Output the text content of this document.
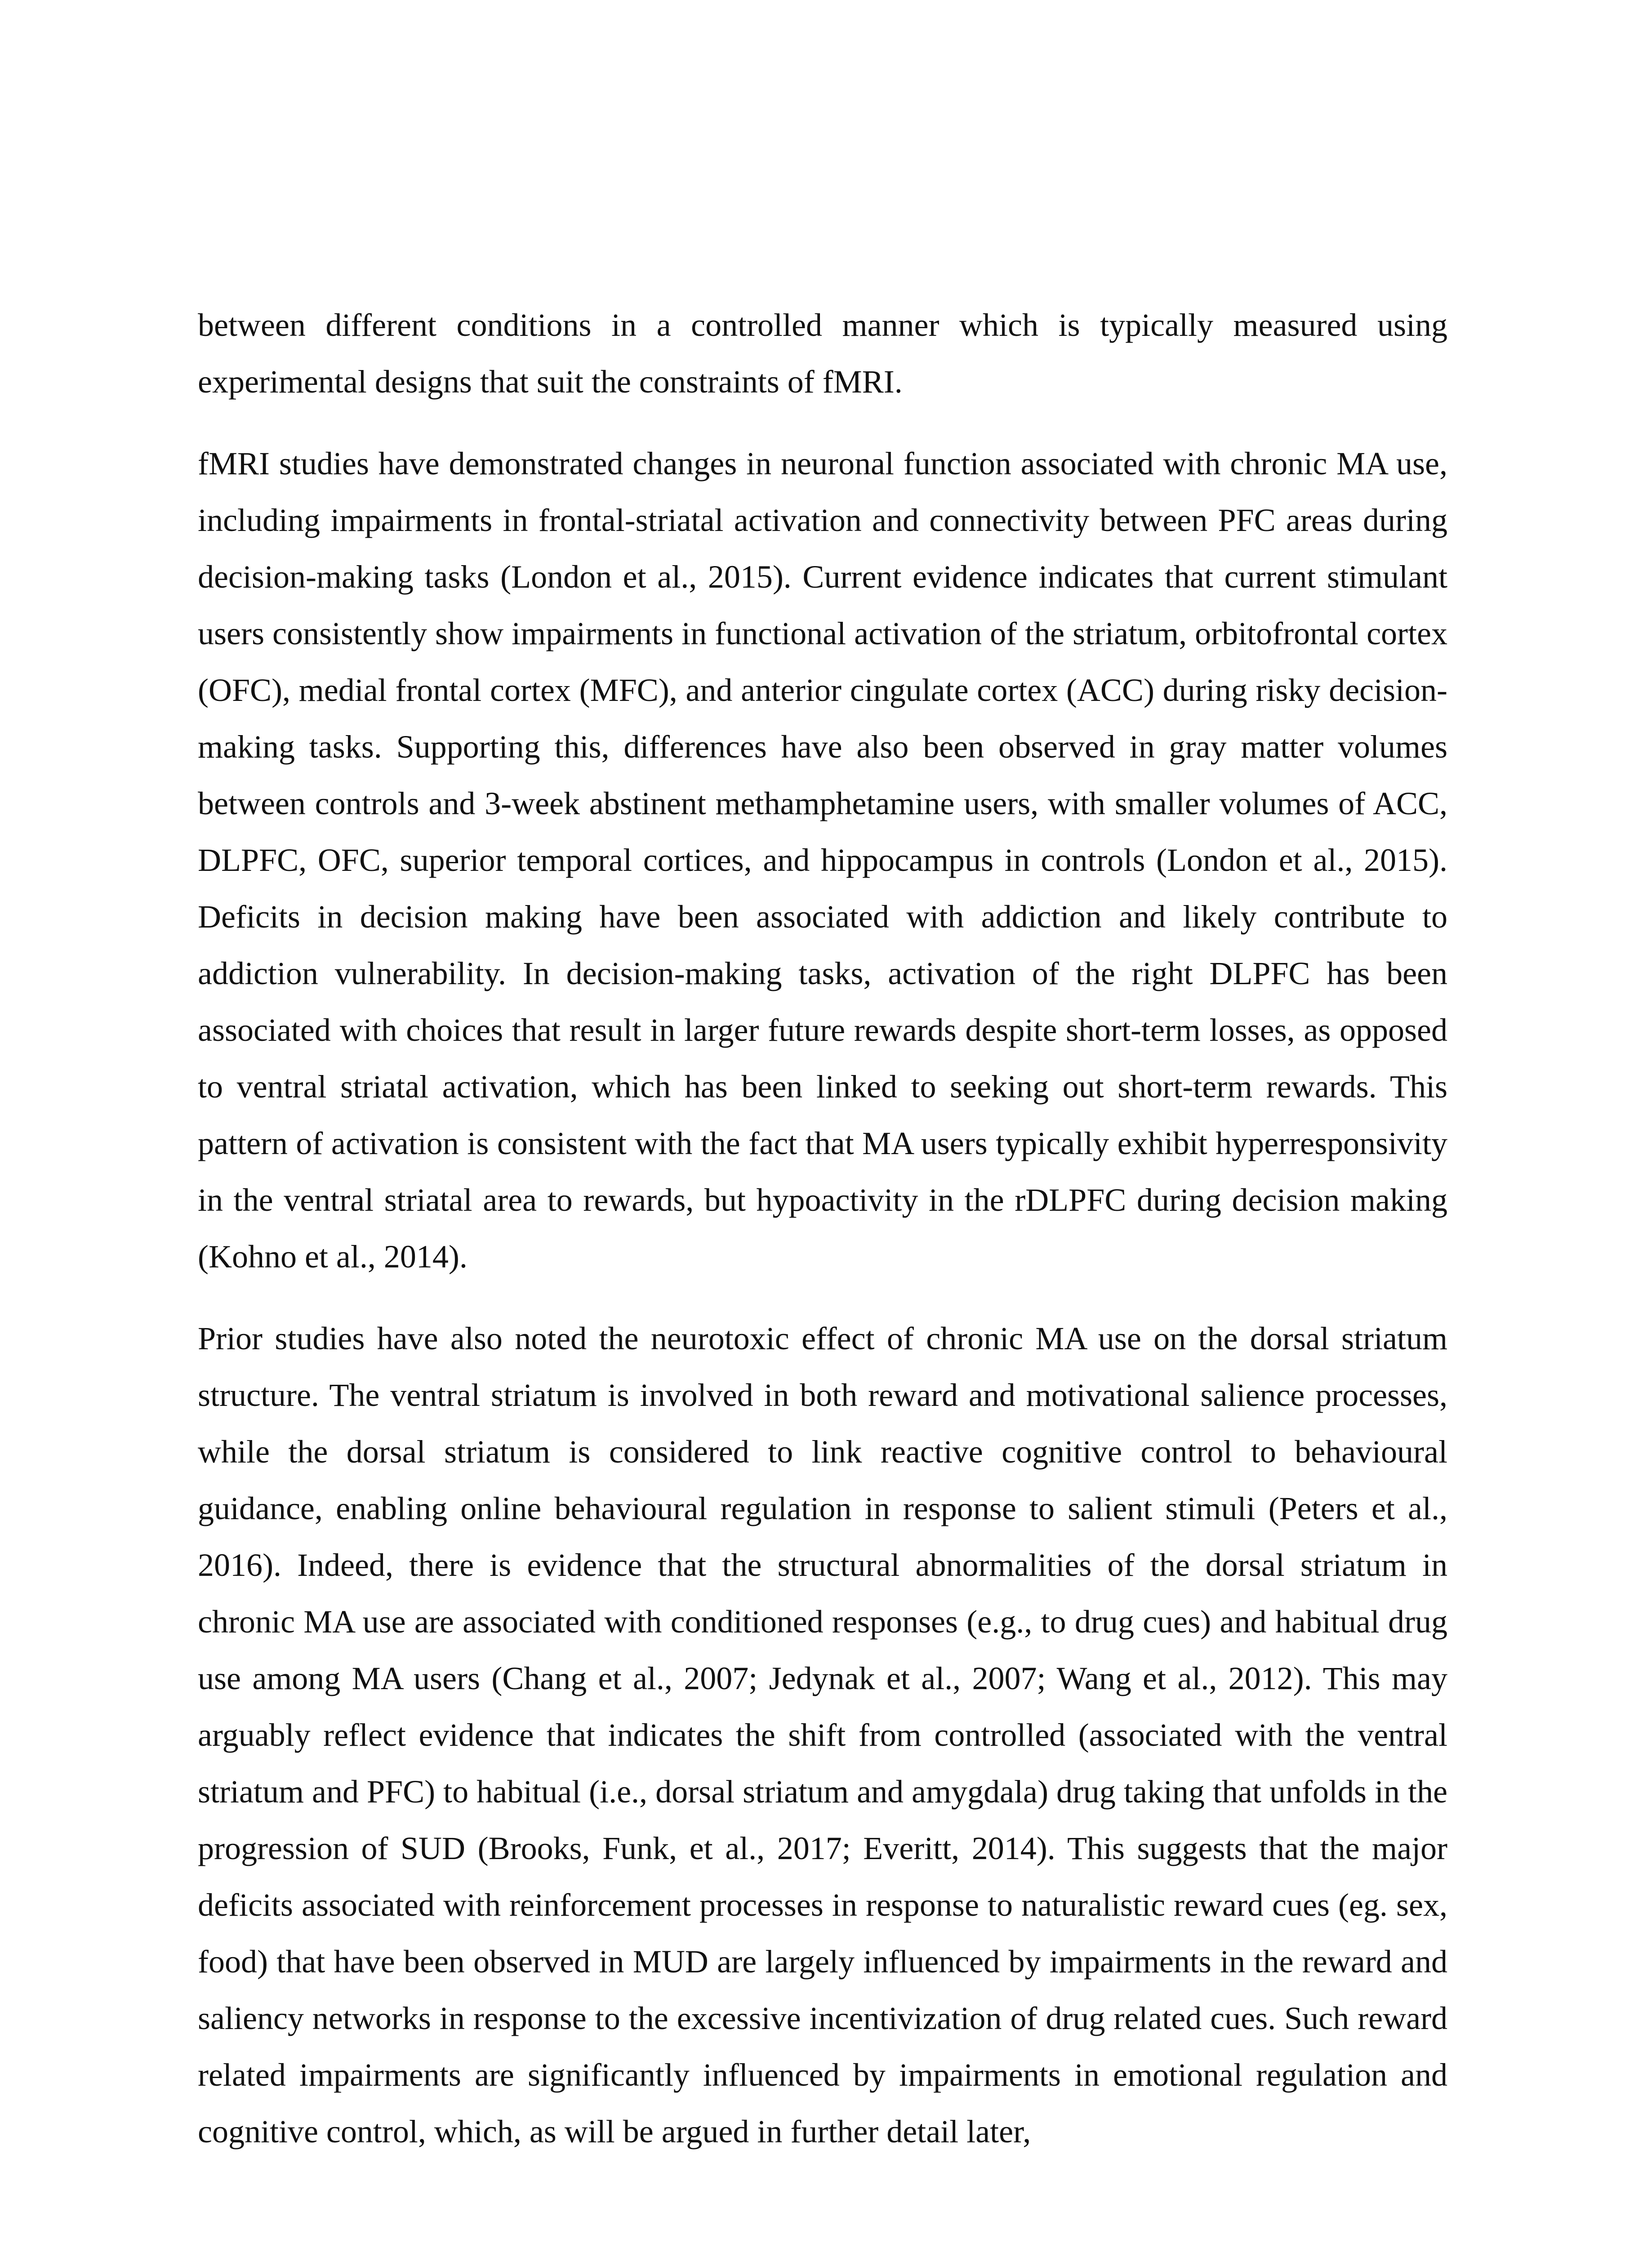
between different conditions in a controlled manner which is typically measured using experimental designs that suit the constraints of fMRI.

fMRI studies have demonstrated changes in neuronal function associated with chronic MA use, including impairments in frontal-striatal activation and connectivity between PFC areas during decision-making tasks (London et al., 2015). Current evidence indicates that current stimulant users consistently show impairments in functional activation of the striatum, orbitofrontal cortex (OFC), medial frontal cortex (MFC), and anterior cingulate cortex (ACC) during risky decision-making tasks. Supporting this, differences have also been observed in gray matter volumes between controls and 3-week abstinent methamphetamine users, with smaller volumes of ACC, DLPFC, OFC, superior temporal cortices, and hippocampus in controls (London et al., 2015). Deficits in decision making have been associated with addiction and likely contribute to addiction vulnerability. In decision-making tasks, activation of the right DLPFC has been associated with choices that result in larger future rewards despite short-term losses, as opposed to ventral striatal activation, which has been linked to seeking out short-term rewards. This pattern of activation is consistent with the fact that MA users typically exhibit hyperresponsivity in the ventral striatal area to rewards, but hypoactivity in the rDLPFC during decision making (Kohno et al., 2014).

Prior studies have also noted the neurotoxic effect of chronic MA use on the dorsal striatum structure. The ventral striatum is involved in both reward and motivational salience processes, while the dorsal striatum is considered to link reactive cognitive control to behavioural guidance, enabling online behavioural regulation in response to salient stimuli (Peters et al., 2016). Indeed, there is evidence that the structural abnormalities of the dorsal striatum in chronic MA use are associated with conditioned responses (e.g., to drug cues) and habitual drug use among MA users (Chang et al., 2007; Jedynak et al., 2007; Wang et al., 2012). This may arguably reflect evidence that indicates the shift from controlled (associated with the ventral striatum and PFC) to habitual (i.e., dorsal striatum and amygdala) drug taking that unfolds in the progression of SUD (Brooks, Funk, et al., 2017; Everitt, 2014). This suggests that the major deficits associated with reinforcement processes in response to naturalistic reward cues (eg. sex, food) that have been observed in MUD are largely influenced by impairments in the reward and saliency networks in response to the excessive incentivization of drug related cues. Such reward related impairments are significantly influenced by impairments in emotional regulation and cognitive control, which, as will be argued in further detail later,
